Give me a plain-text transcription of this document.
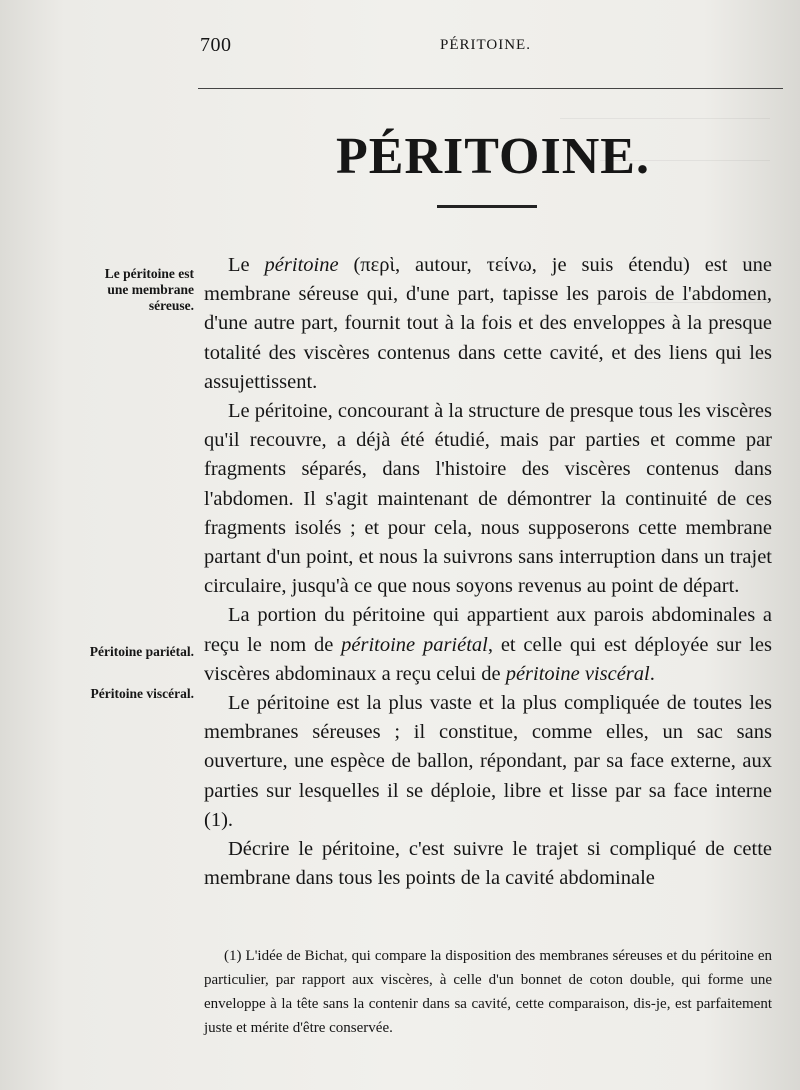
700	PÉRITOINE.
PÉRITOINE.
Le péritoine est une membrane séreuse.
Péritoine pariétal.
Péritoine viscéral.

Le péritoine (περὶ, autour, τείνω, je suis étendu) est une membrane séreuse qui, d'une part, tapisse les parois de l'abdomen, d'une autre part, fournit tout à la fois et des enveloppes à la presque totalité des viscères contenus dans cette cavité, et des liens qui les assujettissent.

Le péritoine, concourant à la structure de presque tous les viscères qu'il recouvre, a déjà été étudié, mais par parties et comme par fragments séparés, dans l'histoire des viscères contenus dans l'abdomen. Il s'agit maintenant de démontrer la continuité de ces fragments isolés ; et pour cela, nous supposerons cette membrane partant d'un point, et nous la suivrons sans interruption dans un trajet circulaire, jusqu'à ce que nous soyons revenus au point de départ.

La portion du péritoine qui appartient aux parois abdominales a reçu le nom de péritoine pariétal, et celle qui est déployée sur les viscères abdominaux a reçu celui de péritoine viscéral.

Le péritoine est la plus vaste et la plus compliquée de toutes les membranes séreuses ; il constitue, comme elles, un sac sans ouverture, une espèce de ballon, répondant, par sa face externe, aux parties sur lesquelles il se déploie, libre et lisse par sa face interne (1).

Décrire le péritoine, c'est suivre le trajet si compliqué de cette membrane dans tous les points de la cavité abdominale

(1) L'idée de Bichat, qui compare la disposition des membranes séreuses et du péritoine en particulier, par rapport aux viscères, à celle d'un bonnet de coton double, qui forme une enveloppe à la tête sans la contenir dans sa cavité, cette comparaison, dis-je, est parfaitement juste et mérite d'être conservée.
